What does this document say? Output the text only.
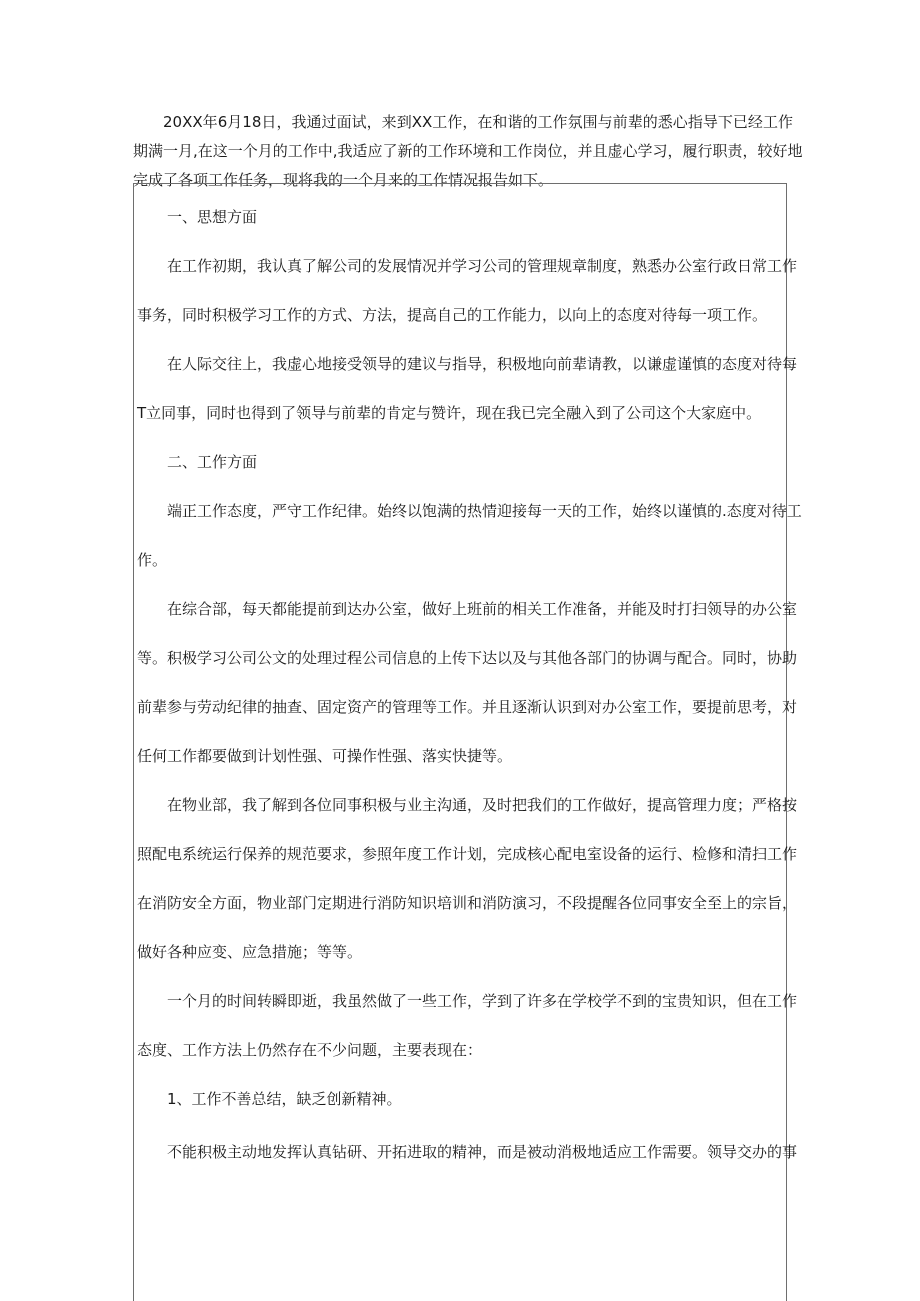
20XX年6月18日，我通过面试，来到XX工作，在和谐的工作氛围与前辈的悉心指导下已经工作
期满一月,在这一个月的工作中,我适应了新的工作环境和工作岗位，并且虚心学习，履行职责，较好地
完成了各项工作任务，现将我的一个月来的工作情况报告如下。
一、思想方面
在工作初期，我认真了解公司的发展情况并学习公司的管理规章制度，熟悉办公室行政日常工作
事务，同时积极学习工作的方式、方法，提高自己的工作能力，以向上的态度对待每一项工作。
在人际交往上，我虚心地接受领导的建议与指导，积极地向前辈请教，以谦虚谨慎的态度对待每
T立同事，同时也得到了领导与前辈的肯定与赞许，现在我已完全融入到了公司这个大家庭中。
二、工作方面
端正工作态度，严守工作纪律。始终以饱满的热情迎接每一天的工作，始终以谨慎的.态度对待工
作。
在综合部，每天都能提前到达办公室，做好上班前的相关工作准备，并能及时打扫领导的办公室
等。积极学习公司公文的处理过程公司信息的上传下达以及与其他各部门的协调与配合。同时，协助
前辈参与劳动纪律的抽查、固定资产的管理等工作。并且逐渐认识到对办公室工作，要提前思考，对
任何工作都要做到计划性强、可操作性强、落实快捷等。
在物业部，我了解到各位同事积极与业主沟通，及时把我们的工作做好，提高管理力度；严格按
照配电系统运行保养的规范要求，参照年度工作计划，完成核心配电室设备的运行、检修和清扫工作
在消防安全方面，物业部门定期进行消防知识培训和消防演习，不段提醒各位同事安全至上的宗旨，
做好各种应变、应急措施；等等。
一个月的时间转瞬即逝，我虽然做了一些工作，学到了许多在学校学不到的宝贵知识，但在工作
态度、工作方法上仍然存在不少问题，主要表现在：
1、工作不善总结，缺乏创新精神。
不能积极主动地发挥认真钻研、开拓进取的精神，而是被动消极地适应工作需要。领导交办的事
